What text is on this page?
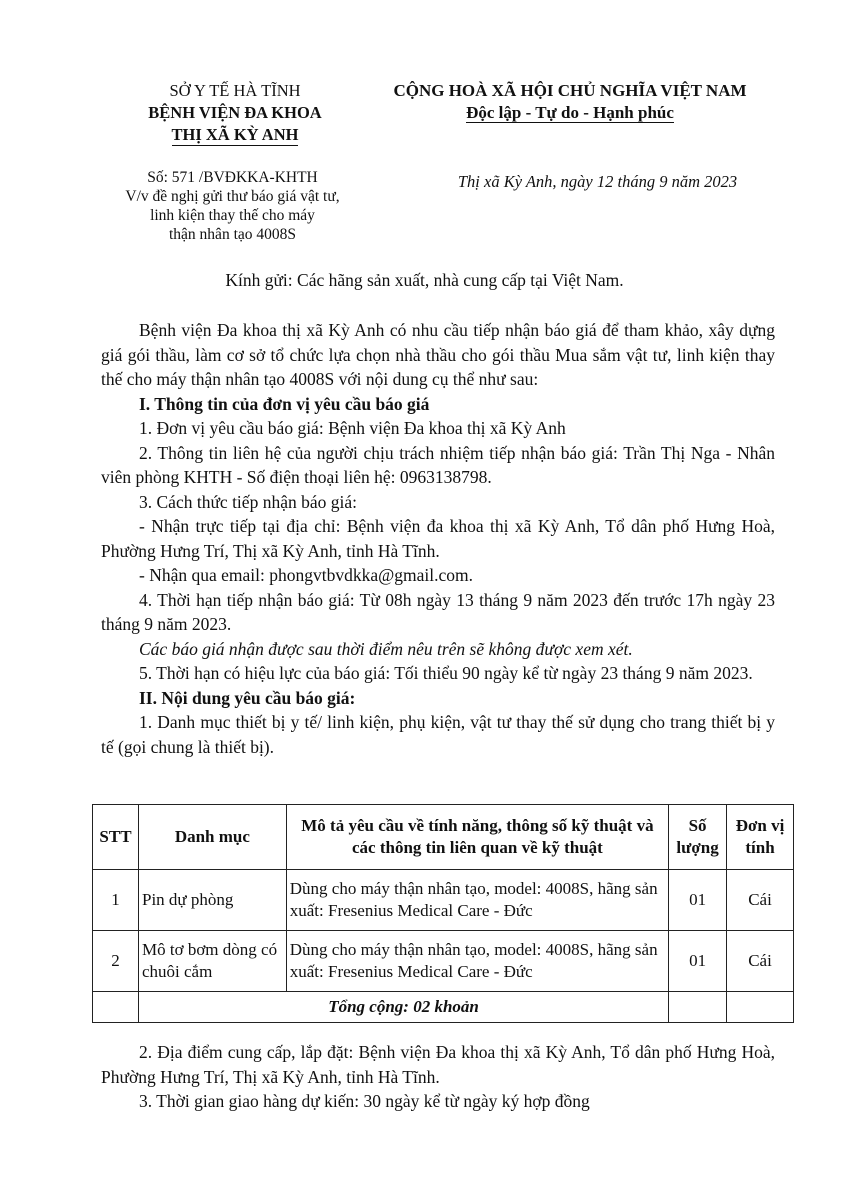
SỞ Y TẾ HÀ TĨNH
BỆNH VIỆN ĐA KHOA
THỊ XÃ KỲ ANH
CỘNG HOÀ XÃ HỘI CHỦ NGHĨA VIỆT NAM
Độc lập - Tự do - Hạnh phúc
Số: 571 /BVĐKKA-KHTH
V/v đề nghị gửi thư báo giá vật tư,
linh kiện thay thế cho máy
thận nhân tạo 4008S
Thị xã Kỳ Anh, ngày 12 tháng 9 năm 2023
Kính gửi: Các hãng sản xuất, nhà cung cấp tại Việt Nam.

Bệnh viện Đa khoa thị xã Kỳ Anh có nhu cầu tiếp nhận báo giá để tham khảo, xây dựng giá gói thầu, làm cơ sở tổ chức lựa chọn nhà thầu cho gói thầu Mua sắm vật tư, linh kiện thay thế cho máy thận nhân tạo 4008S với nội dung cụ thể như sau:

I. Thông tin của đơn vị yêu cầu báo giá

1. Đơn vị yêu cầu báo giá: Bệnh viện Đa khoa thị xã Kỳ Anh

2. Thông tin liên hệ của người chịu trách nhiệm tiếp nhận báo giá: Trần Thị Nga - Nhân viên phòng KHTH - Số điện thoại liên hệ: 0963138798.

3. Cách thức tiếp nhận báo giá:

- Nhận trực tiếp tại địa chỉ: Bệnh viện đa khoa thị xã Kỳ Anh, Tổ dân phố Hưng Hoà, Phường Hưng Trí, Thị xã Kỳ Anh, tỉnh Hà Tĩnh.

- Nhận qua email: phongvtbvdkka@gmail.com.

4. Thời hạn tiếp nhận báo giá: Từ 08h ngày 13 tháng 9 năm 2023 đến trước 17h ngày 23 tháng 9 năm 2023.

Các báo giá nhận được sau thời điểm nêu trên sẽ không được xem xét.

5. Thời hạn có hiệu lực của báo giá: Tối thiểu 90 ngày kể từ ngày 23 tháng 9 năm 2023.

II. Nội dung yêu cầu báo giá:

1. Danh mục thiết bị y tế/ linh kiện, phụ kiện, vật tư thay thế sử dụng cho trang thiết bị y tế (gọi chung là thiết bị).

STT	Danh mục	Mô tả yêu cầu về tính năng, thông số kỹ thuật và các thông tin liên quan về kỹ thuật	Số lượng	Đơn vị tính
1	Pin dự phòng	Dùng cho máy thận nhân tạo, model: 4008S, hãng sản xuất: Fresenius Medical Care - Đức	01	Cái
2	Mô tơ bơm dòng có chuôi cắm	Dùng cho máy thận nhân tạo, model: 4008S, hãng sản xuất: Fresenius Medical Care - Đức	01	Cái
	Tổng cộng: 02 khoản			

2. Địa điểm cung cấp, lắp đặt: Bệnh viện Đa khoa thị xã Kỳ Anh, Tổ dân phố Hưng Hoà, Phường Hưng Trí, Thị xã Kỳ Anh, tỉnh Hà Tĩnh.

3. Thời gian giao hàng dự kiến: 30 ngày kể từ ngày ký hợp đồng
